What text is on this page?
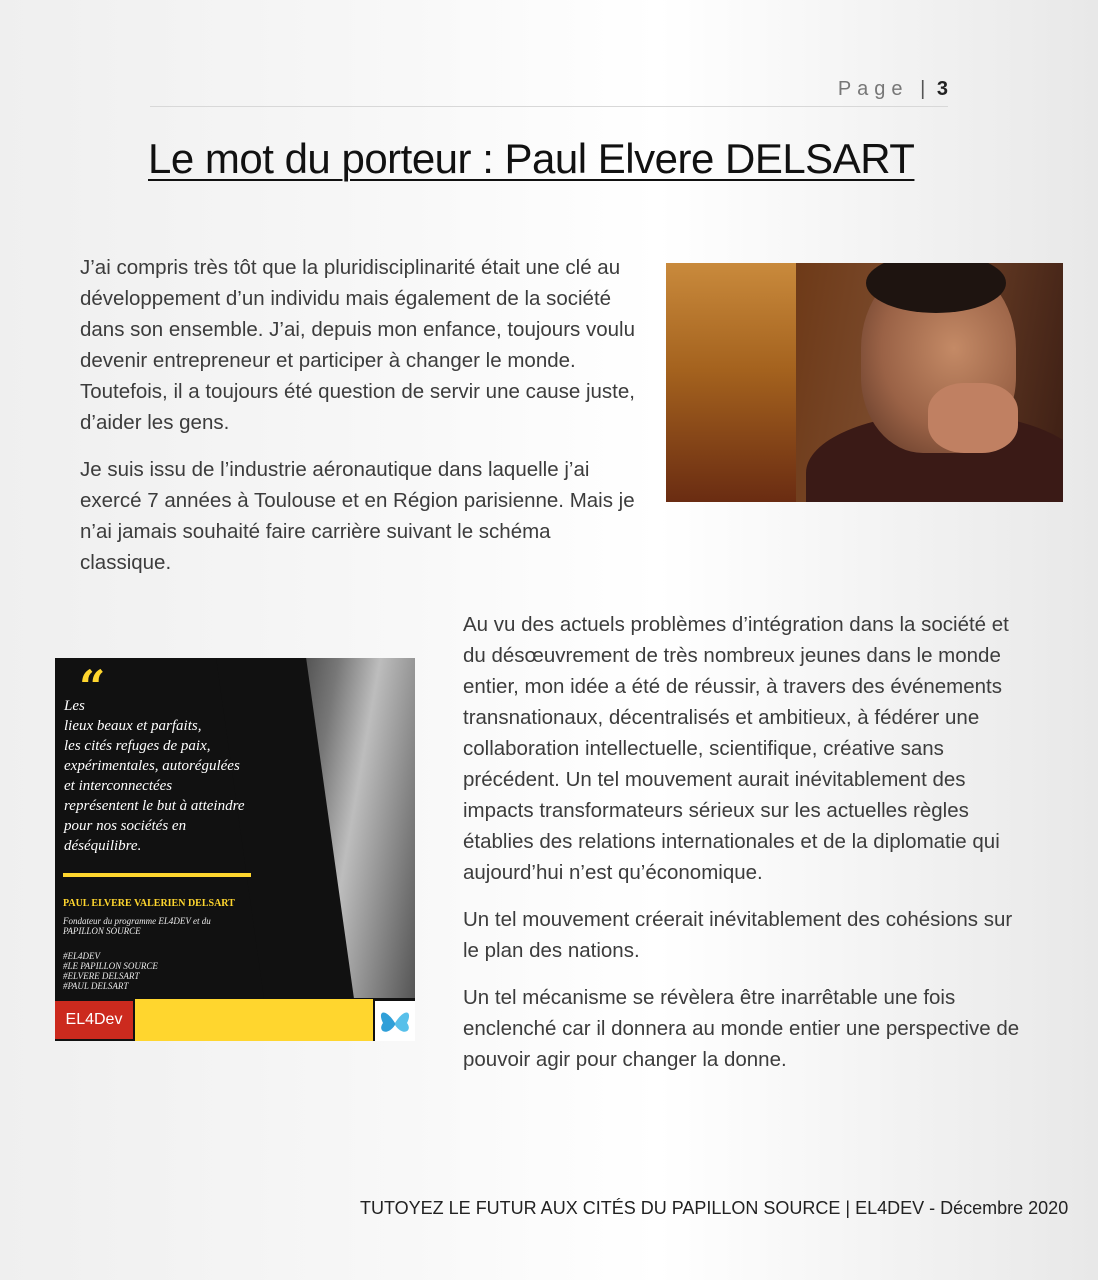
Page | 3
Le mot du porteur : Paul Elvere DELSART

J’ai compris très tôt que la pluridisciplinarité était une clé au développement d’un individu mais également de la société dans son ensemble. J’ai, depuis mon enfance, toujours voulu devenir entrepreneur et participer à changer le monde. Toutefois, il a toujours été question de servir une cause juste, d’aider les gens.

Je suis issu de l’industrie aéronautique dans laquelle j’ai exercé 7 années à Toulouse et en Région parisienne. Mais je n’ai jamais souhaité faire carrière suivant le schéma classique.

“
Les
lieux beaux et parfaits,
les cités refuges de paix,
expérimentales, autorégulées
et interconnectées
représentent le but à atteindre
pour nos sociétés en
déséquilibre.
PAUL ELVERE VALERIEN DELSART
Fondateur du programme EL4DEV et du PAPILLON SOURCE
#EL4DEV
#LE PAPILLON SOURCE
#ELVERE DELSART
#PAUL DELSART
EL4Dev

Au vu des actuels problèmes d’intégration dans la société et du désœuvrement de très nombreux jeunes dans le monde entier, mon idée a été de réussir, à travers des événements transnationaux, décentralisés et ambitieux, à fédérer une collaboration intellectuelle, scientifique, créative sans précédent. Un tel mouvement aurait inévitablement des impacts transformateurs sérieux sur les actuelles règles établies des relations internationales et de la diplomatie qui aujourd’hui n’est qu’économique.

Un tel mouvement créerait inévitablement des cohésions sur le plan des nations.

Un tel mécanisme se révèlera être inarrêtable une fois enclenché car il donnera au monde entier une perspective de pouvoir agir pour changer la donne.

TUTOYEZ LE FUTUR AUX CITÉS DU PAPILLON SOURCE | EL4DEV - Décembre 2020
